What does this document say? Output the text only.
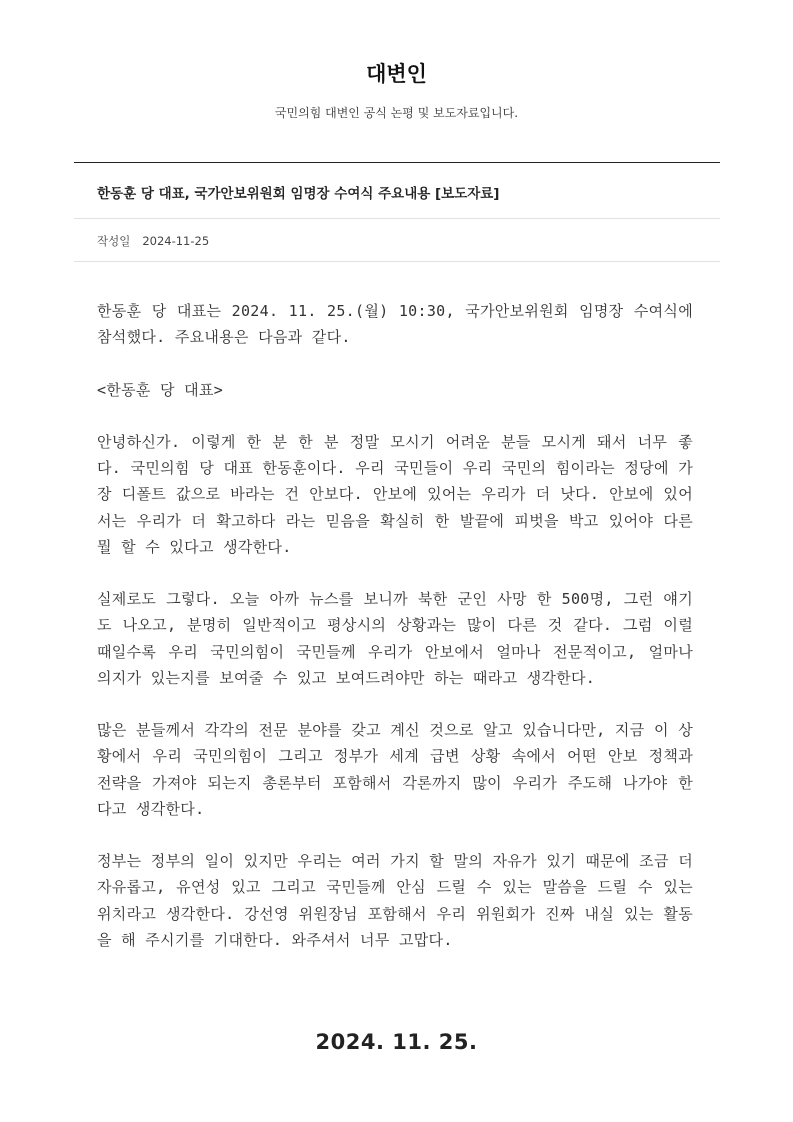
대변인
국민의힘 대변인 공식 논평 및 보도자료입니다.
한동훈 당 대표, 국가안보위원회 임명장 수여식 주요내용 [보도자료]
작성일 2024-11-25

한동훈 당 대표는 2024. 11. 25.(월) 10:30, 국가안보위원회 임명장 수여식에 참석했다. 주요내용은 다음과 같다.

<한동훈 당 대표>

안녕하신가. 이렇게 한 분 한 분 정말 모시기 어려운 분들 모시게 돼서 너무 좋다. 국민의힘 당 대표 한동훈이다. 우리 국민들이 우리 국민의 힘이라는 정당에 가장 디폴트 값으로 바라는 건 안보다. 안보에 있어는 우리가 더 낫다. 안보에 있어서는 우리가 더 확고하다 라는 믿음을 확실히 한 발끝에 피벗을 박고 있어야 다른 뭘 할 수 있다고 생각한다.

실제로도 그렇다. 오늘 아까 뉴스를 보니까 북한 군인 사망 한 500명, 그런 얘기도 나오고, 분명히 일반적이고 평상시의 상황과는 많이 다른 것 같다. 그럼 이럴 때일수록 우리 국민의힘이 국민들께 우리가 안보에서 얼마나 전문적이고, 얼마나 의지가 있는지를 보여줄 수 있고 보여드려야만 하는 때라고 생각한다.

많은 분들께서 각각의 전문 분야를 갖고 계신 것으로 알고 있습니다만, 지금 이 상황에서 우리 국민의힘이 그리고 정부가 세계 급변 상황 속에서 어떤 안보 정책과 전략을 가져야 되는지 총론부터 포함해서 각론까지 많이 우리가 주도해 나가야 한다고 생각한다.

정부는 정부의 일이 있지만 우리는 여러 가지 할 말의 자유가 있기 때문에 조금 더 자유롭고, 유연성 있고 그리고 국민들께 안심 드릴 수 있는 말씀을 드릴 수 있는 위치라고 생각한다. 강선영 위원장님 포함해서 우리 위원회가 진짜 내실 있는 활동을 해 주시기를 기대한다. 와주셔서 너무 고맙다.

2024. 11. 25.
